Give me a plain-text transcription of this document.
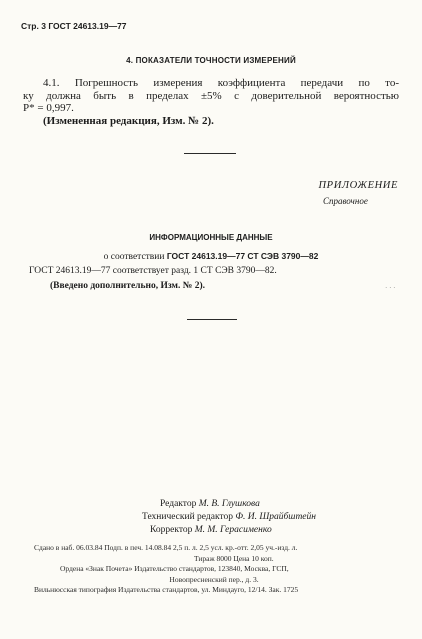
Стр. 3 ГОСТ 24613.19—77
4. ПОКАЗАТЕЛИ ТОЧНОСТИ ИЗМЕРЕНИЙ
4.1. Погрешность измерения коэффициента передачи по то-
ку должна быть в пределах ±5% с доверительной вероятностью
P* = 0,997.
(Измененная редакция, Изм. № 2).
ПРИЛОЖЕНИЕ
Справочное
ИНФОРМАЦИОННЫЕ ДАННЫЕ
о соответствии ГОСТ 24613.19—77 СТ СЭВ 3790—82
ГОСТ 24613.19—77 соответствует разд. 1 СТ СЭВ 3790—82.
(Введено дополнительно, Изм. № 2).	· · ·
Редактор М. В. Глушкова
Технический редактор Ф. И. Шрайбштейн
Корректор М. М. Герасименко
Сдано в наб. 06.03.84 Подп. в печ. 14.08.84 2,5 п. л. 2,5 усл. кр.-отт. 2,05 уч.-изд. л.
Тираж 8000 Цена 10 коп.
Ордена «Знак Почета» Издательство стандартов, 123840, Москва, ГСП,
Новопресненский пер., д. 3.
Вильнюсская типография Издательства стандартов, ул. Миндауго, 12/14. Зак. 1725
